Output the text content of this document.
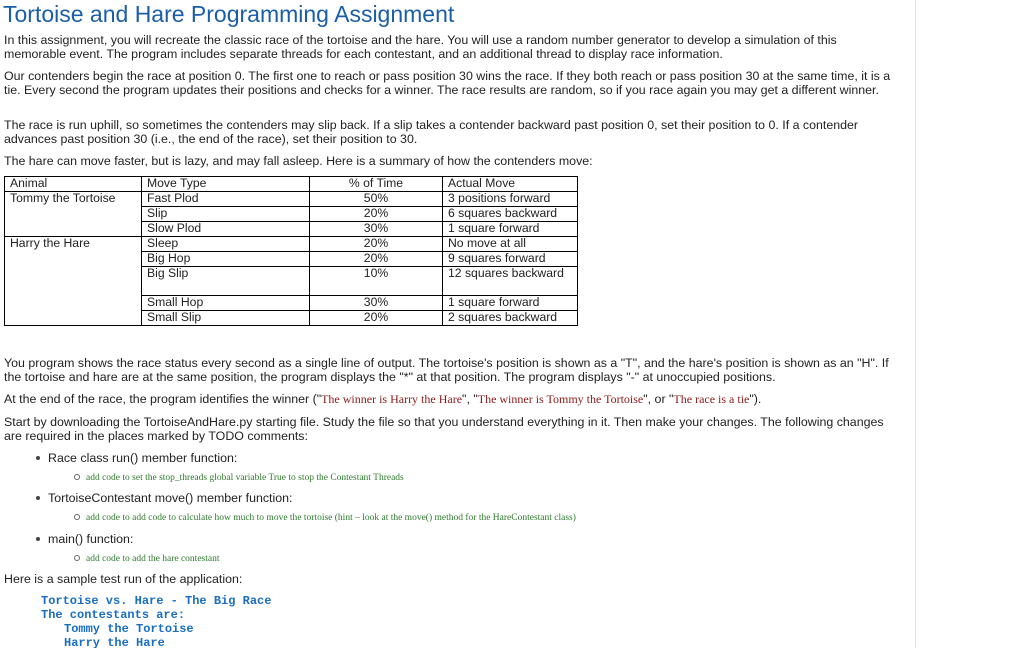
Tortoise and Hare Programming Assignment
In this assignment, you will recreate the classic race of the tortoise and the hare. You will use a random number generator to develop a simulation of this memorable event. The program includes separate threads for each contestant, and an additional thread to display race information.
Our contenders begin the race at position 0. The first one to reach or pass position 30 wins the race. If they both reach or pass position 30 at the same time, it is a tie. Every second the program updates their positions and checks for a winner. The race results are random, so if you race again you may get a different winner.
The race is run uphill, so sometimes the contenders may slip back. If a slip takes a contender backward past position 0, set their position to 0. If a contender advances past position 30 (i.e., the end of the race), set their position to 30.
The hare can move faster, but is lazy, and may fall asleep. Here is a summary of how the contenders move:
Animal	Move Type	% of Time	Actual Move
Tommy the Tortoise	Fast Plod	50%	3 positions forward
	Slip	20%	6 squares backward
	Slow Plod	30%	1 square forward
Harry the Hare	Sleep	20%	No move at all
	Big Hop	20%	9 squares forward
	Big Slip	10%	12 squares backward
	Small Hop	30%	1 square forward
	Small Slip	20%	2 squares backward
You program shows the race status every second as a single line of output. The tortoise's position is shown as a "T", and the hare's position is shown as an "H". If the tortoise and hare are at the same position, the program displays the "*" at that position. The program displays "-" at unoccupied positions.
At the end of the race, the program identifies the winner ("The winner is Harry the Hare", "The winner is Tommy the Tortoise", or "The race is a tie").
Start by downloading the TortoiseAndHare.py starting file. Study the file so that you understand everything in it. Then make your changes. The following changes are required in the places marked by TODO comments:
Race class run() member function:
add code to set the stop_threads global variable True to stop the Contestant Threads
TortoiseContestant move() member function:
add code to add code to calculate how much to move the tortoise (hint – look at the move() method for the HareContestant class)
main() function:
add code to add the hare contestant
Here is a sample test run of the application:
Tortoise vs. Hare - The Big Race
The contestants are:
Tommy the Tortoise
Harry the Hare
